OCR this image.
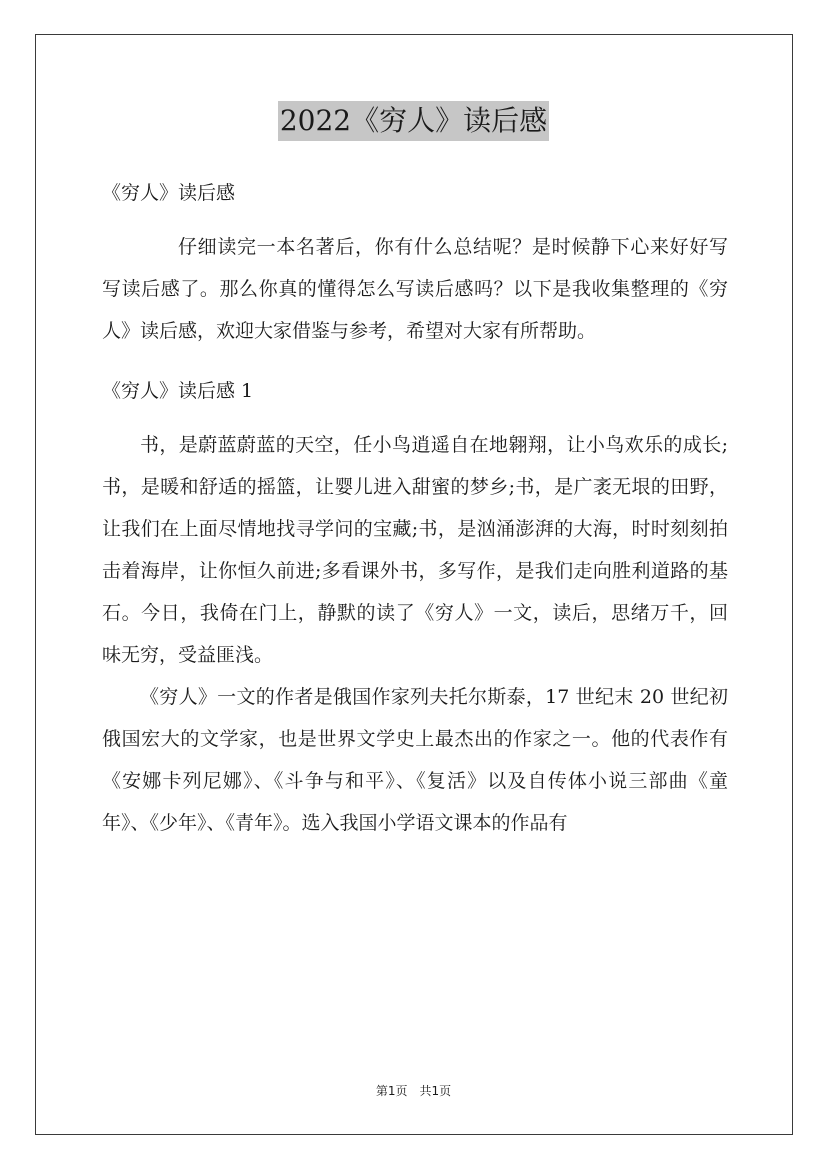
2022《穷人》读后感

《穷人》读后感

仔细读完一本名著后，你有什么总结呢？是时候静下心来好好写写读后感了。那么你真的懂得怎么写读后感吗？以下是我收集整理的《穷人》读后感，欢迎大家借鉴与参考，希望对大家有所帮助。

《穷人》读后感 1

书，是蔚蓝蔚蓝的天空，任小鸟逍遥自在地翱翔，让小鸟欢乐的成长;书，是暖和舒适的摇篮，让婴儿进入甜蜜的梦乡;书，是广袤无垠的田野，让我们在上面尽情地找寻学问的宝藏;书，是汹涌澎湃的大海，时时刻刻拍击着海岸，让你恒久前进;多看课外书，多写作，是我们走向胜利道路的基石。今日，我倚在门上，静默的读了《穷人》一文，读后，思绪万千，回味无穷，受益匪浅。

《穷人》一文的作者是俄国作家列夫托尔斯泰，17 世纪末 20 世纪初俄国宏大的文学家，也是世界文学史上最杰出的作家之一。他的代表作有《安娜卡列尼娜》、《斗争与和平》、《复活》以及自传体小说三部曲《童年》、《少年》、《青年》。选入我国小学语文课本的作品有

第1页　共1页
